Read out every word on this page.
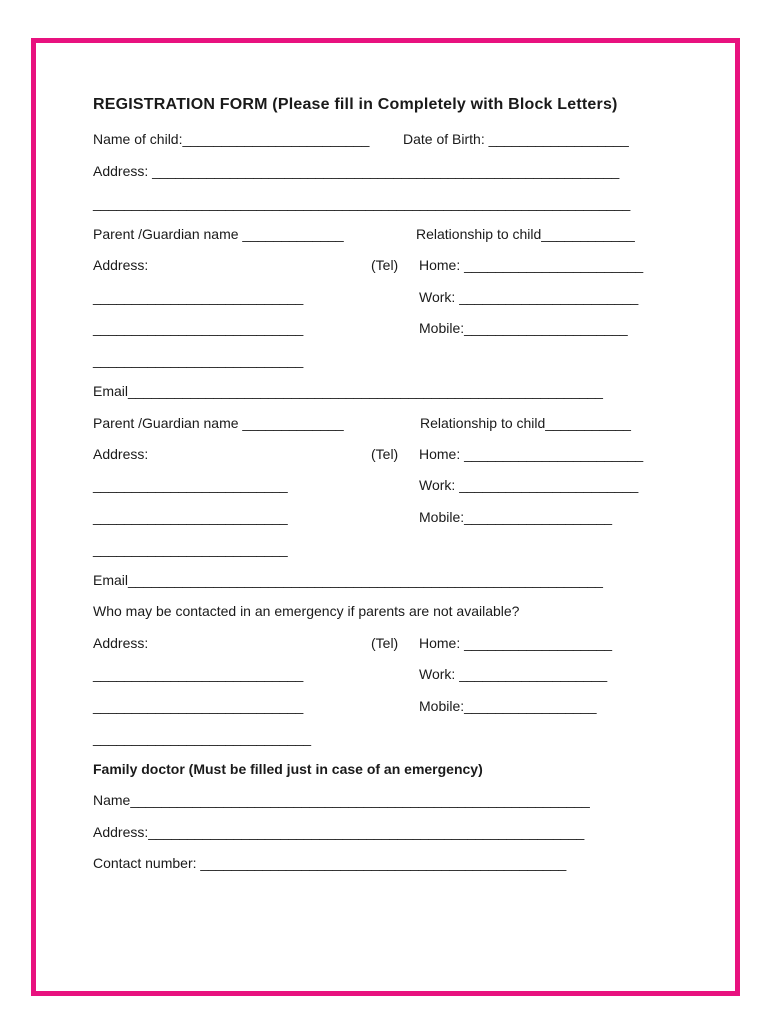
REGISTRATION FORM (Please fill in Completely with Block Letters)
Name of child:________________________ Date of Birth: __________________
Address: ____________________________________________________________
_____________________________________________________________________
Parent /Guardian name _____________	Relationship to child____________
Address:	(Tel) Home: _______________________
___________________________	Work: _______________________
___________________________	Mobile:_____________________
___________________________
Email_____________________________________________________________
Parent /Guardian name _____________	Relationship to child___________
Address:	(Tel) Home: _______________________
_________________________	Work: _______________________
_________________________	Mobile:___________________
_________________________
Email_____________________________________________________________
Who may be contacted in an emergency if parents are not available?
Address:	(Tel) Home: ___________________
___________________________	Work: ___________________
___________________________	Mobile:_________________
____________________________
Family doctor (Must be filled just in case of an emergency)
Name___________________________________________________________
Address:________________________________________________________
Contact number: _______________________________________________
